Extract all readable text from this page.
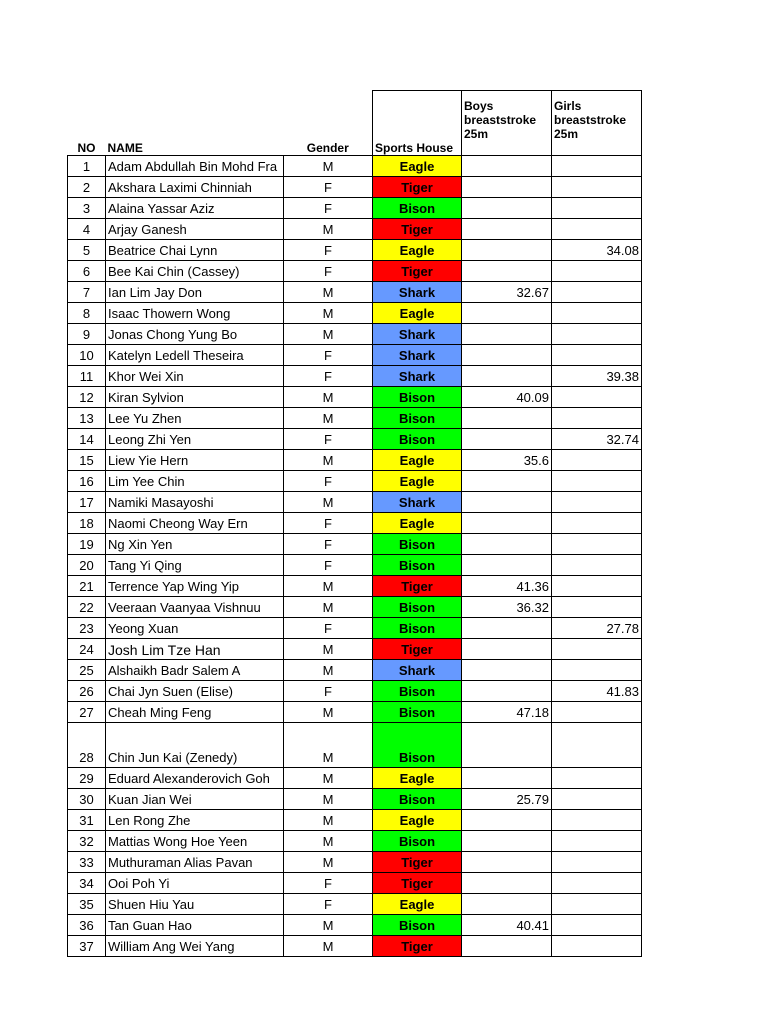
NO	NAME	Gender	Sports House	Boys breaststroke 25m	Girls breaststroke 25m
1	Adam Abdullah Bin Mohd Fra	M	Eagle		
2	Akshara Laximi Chinniah	F	Tiger		
3	Alaina Yassar Aziz	F	Bison		
4	Arjay Ganesh	M	Tiger		
5	Beatrice Chai Lynn	F	Eagle		34.08
6	Bee Kai Chin (Cassey)	F	Tiger		
7	Ian Lim Jay Don	M	Shark	32.67	
8	Isaac Thowern Wong	M	Eagle		
9	Jonas Chong Yung Bo	M	Shark		
10	Katelyn Ledell Theseira	F	Shark		
11	Khor Wei Xin	F	Shark		39.38
12	Kiran Sylvion	M	Bison	40.09	
13	Lee Yu Zhen	M	Bison		
14	Leong Zhi Yen	F	Bison		32.74
15	Liew Yie Hern	M	Eagle	35.6	
16	Lim Yee Chin	F	Eagle		
17	Namiki Masayoshi	M	Shark		
18	Naomi Cheong Way Ern	F	Eagle		
19	Ng Xin Yen	F	Bison		
20	Tang Yi Qing	F	Bison		
21	Terrence Yap Wing Yip	M	Tiger	41.36	
22	Veeraan Vaanyaa Vishnuu	M	Bison	36.32	
23	Yeong Xuan	F	Bison		27.78
24	Josh Lim Tze Han	M	Tiger		
25	Alshaikh Badr Salem A	M	Shark		
26	Chai Jyn Suen (Elise)	F	Bison		41.83
27	Cheah Ming Feng	M	Bison	47.18	
28	Chin Jun Kai (Zenedy)	M	Bison		
29	Eduard Alexanderovich Goh	M	Eagle		
30	Kuan Jian Wei	M	Bison	25.79	
31	Len Rong Zhe	M	Eagle		
32	Mattias Wong Hoe Yeen	M	Bison		
33	Muthuraman Alias Pavan	M	Tiger		
34	Ooi Poh Yi	F	Tiger		
35	Shuen Hiu Yau	F	Eagle		
36	Tan Guan Hao	M	Bison	40.41	
37	William Ang Wei Yang	M	Tiger		
